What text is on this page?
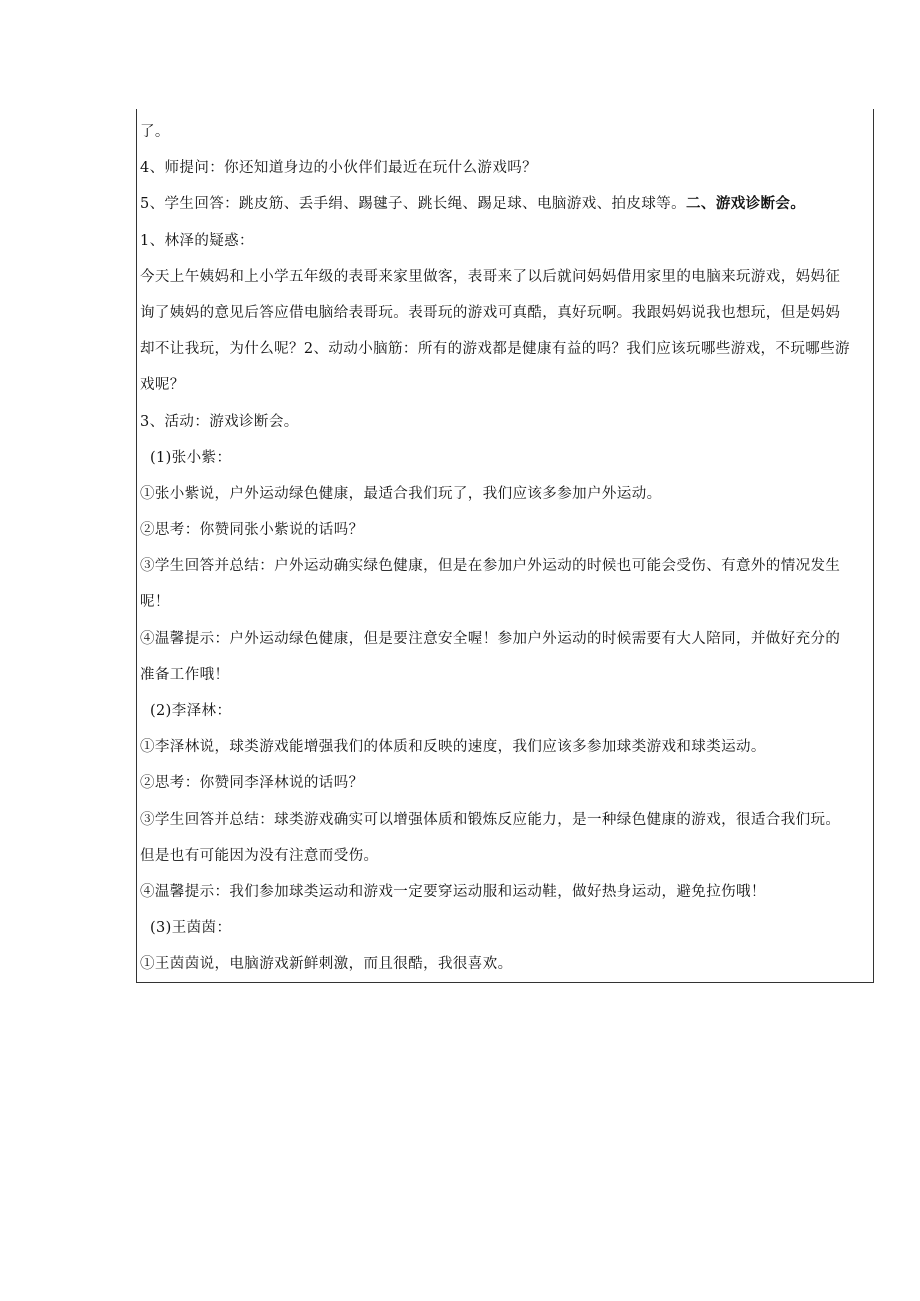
了。
4、师提问：你还知道身边的小伙伴们最近在玩什么游戏吗？
5、学生回答：跳皮筋、丢手绢、踢毽子、跳长绳、踢足球、电脑游戏、拍皮球等。二、游戏诊断会。
1、林泽的疑惑：
今天上午姨妈和上小学五年级的表哥来家里做客，表哥来了以后就问妈妈借用家里的电脑来玩游戏，妈妈征
询了姨妈的意见后答应借电脑给表哥玩。表哥玩的游戏可真酷，真好玩啊。我跟妈妈说我也想玩，但是妈妈
却不让我玩，为什么呢？2、动动小脑筋：所有的游戏都是健康有益的吗？我们应该玩哪些游戏，不玩哪些游
戏呢？
3、活动：游戏诊断会。
(1)张小紫：
①张小紫说，户外运动绿色健康，最适合我们玩了，我们应该多参加户外运动。
②思考：你赞同张小紫说的话吗？
③学生回答并总结：户外运动确实绿色健康，但是在参加户外运动的时候也可能会受伤、有意外的情况发生
呢！
④温馨提示：户外运动绿色健康，但是要注意安全喔！参加户外运动的时候需要有大人陪同，并做好充分的
准备工作哦！
(2)李泽林：
①李泽林说，球类游戏能增强我们的体质和反映的速度，我们应该多参加球类游戏和球类运动。
②思考：你赞同李泽林说的话吗？
③学生回答并总结：球类游戏确实可以增强体质和锻炼反应能力，是一种绿色健康的游戏，很适合我们玩。
但是也有可能因为没有注意而受伤。
④温馨提示：我们参加球类运动和游戏一定要穿运动服和运动鞋，做好热身运动，避免拉伤哦！
(3)王茵茵：
①王茵茵说，电脑游戏新鲜刺激，而且很酷，我很喜欢。
